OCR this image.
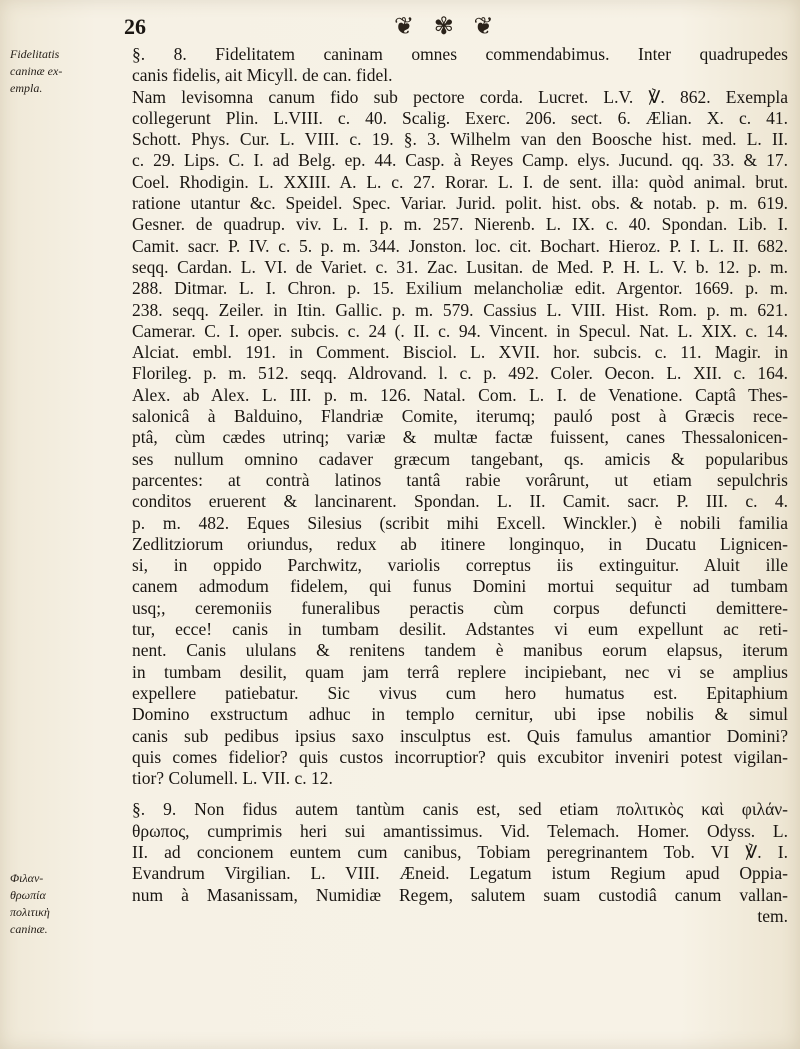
26	❦ ✾ ❦
Fidelitatis
caninæ ex-
empla.
Φιλαν-
θρωπία
πολιτικὴ
caninæ.
§. 8. Fidelitatem caninam omnes commendabimus. Inter quadrupedes
canis fidelis, ait Micyll. de can. fidel.
Nam levisomna canum fido sub pectore corda. Lucret. L.V. ℣. 862. Exempla
collegerunt Plin. L.VIII. c. 40. Scalig. Exerc. 206. sect. 6. Ælian. X. c. 41.
Schott. Phys. Cur. L. VIII. c. 19. §. 3. Wilhelm van den Boosche hist. med. L. II.
c. 29. Lips. C. I. ad Belg. ep. 44. Casp. à Reyes Camp. elys. Jucund. qq. 33. & 17.
Coel. Rhodigin. L. XXIII. A. L. c. 27. Rorar. L. I. de sent. illa: quòd animal. brut.
ratione utantur &c. Speidel. Spec. Variar. Jurid. polit. hist. obs. & notab. p. m. 619.
Gesner. de quadrup. viv. L. I. p. m. 257. Nierenb. L. IX. c. 40. Spondan. Lib. I.
Camit. sacr. P. IV. c. 5. p. m. 344. Jonston. loc. cit. Bochart. Hieroz. P. I. L. II. 682.
seqq. Cardan. L. VI. de Variet. c. 31. Zac. Lusitan. de Med. P. H. L. V. b. 12. p. m.
288. Ditmar. L. I. Chron. p. 15. Exilium melancholiæ edit. Argentor. 1669. p. m.
238. seqq. Zeiler. in Itin. Gallic. p. m. 579. Cassius L. VIII. Hist. Rom. p. m. 621.
Camerar. C. I. oper. subcis. c. 24 (. II. c. 94. Vincent. in Specul. Nat. L. XIX. c. 14.
Alciat. embl. 191. in Comment. Bisciol. L. XVII. hor. subcis. c. 11. Magir. in
Florileg. p. m. 512. seqq. Aldrovand. l. c. p. 492. Coler. Oecon. L. XII. c. 164.
Alex. ab Alex. L. III. p. m. 126. Natal. Com. L. I. de Venatione. Captâ Thes-
salonicâ à Balduino, Flandriæ Comite, iterumq; pauló post à Græcis rece-
ptâ, cùm cædes utrinq; variæ & multæ factæ fuissent, canes Thessalonicen-
ses nullum omnino cadaver græcum tangebant, qs. amicis & popularibus
parcentes: at contrà latinos tantâ rabie vorârunt, ut etiam sepulchris
conditos eruerent & lancinarent. Spondan. L. II. Camit. sacr. P. III. c. 4.
p. m. 482. Eques Silesius (scribit mihi Excell. Winckler.) è nobili familia
Zedlitziorum oriundus, redux ab itinere longinquo, in Ducatu Lignicen-
si, in oppido Parchwitz, variolis correptus iis extinguitur. Aluit ille
canem admodum fidelem, qui funus Domini mortui sequitur ad tumbam
usq;, ceremoniis funeralibus peractis cùm corpus defuncti demittere-
tur, ecce! canis in tumbam desilit. Adstantes vi eum expellunt ac reti-
nent. Canis ululans & renitens tandem è manibus eorum elapsus, iterum
in tumbam desilit, quam jam terrâ replere incipiebant, nec vi se amplius
expellere patiebatur. Sic vivus cum hero humatus est. Epitaphium
Domino exstructum adhuc in templo cernitur, ubi ipse nobilis & simul
canis sub pedibus ipsius saxo insculptus est. Quis famulus amantior Domini?
quis comes fidelior? quis custos incorruptior? quis excubitor inveniri potest vigilan-
tior? Columell. L. VII. c. 12.
§. 9. Non fidus autem tantùm canis est, sed etiam πολιτικὸς καὶ φιλάν-
θρωπος, cumprimis heri sui amantissimus. Vid. Telemach. Homer. Odyss. L.
II. ad concionem euntem cum canibus, Tobiam peregrinantem Tob. VI ℣. I.
Evandrum Virgilian. L. VIII. Æneid. Legatum istum Regium apud Oppia-
num à Masanissam, Numidiæ Regem, salutem suam custodiâ canum vallan-
tem.
